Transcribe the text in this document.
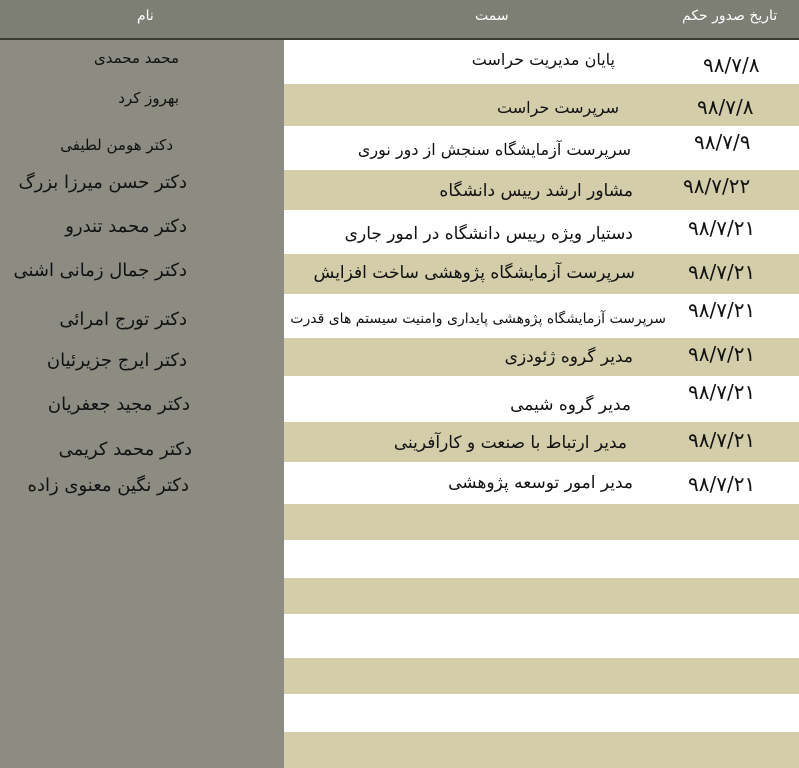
نام	سمت	تاریخ صدور حکم
محمد محمدی
بهروز کرد
دکتر هومن لطیفی
دکتر حسن میرزا بزرگ
دکتر محمد تندرو
دکتر جمال زمانی اشنی
دکتر تورج امرائی
دکتر ایرج جزیرئیان
دکتر مجید جعفریان
دکتر محمد کریمی
دکتر نگین معنوی زاده
پایان مدیریت حراست
سرپرست حراست
سرپرست آزمایشگاه سنجش از دور نوری
مشاور ارشد رییس دانشگاه
دستیار ویژه رییس دانشگاه در امور جاری
سرپرست آزمایشگاه پژوهشی ساخت افزایش
سرپرست آزمایشگاه پژوهشی پایداری وامنیت سیستم های قدرت
مدیر گروه ژئودزی
مدیر گروه شیمی
مدیر ارتباط با صنعت و کارآفرینی
مدیر امور توسعه پژوهشی
۹۸/۷/۸
۹۸/۷/۸
۹۸/۷/۹
۹۸/۷/۲۲
۹۸/۷/۲۱
۹۸/۷/۲۱
۹۸/۷/۲۱
۹۸/۷/۲۱
۹۸/۷/۲۱
۹۸/۷/۲۱
۹۸/۷/۲۱
